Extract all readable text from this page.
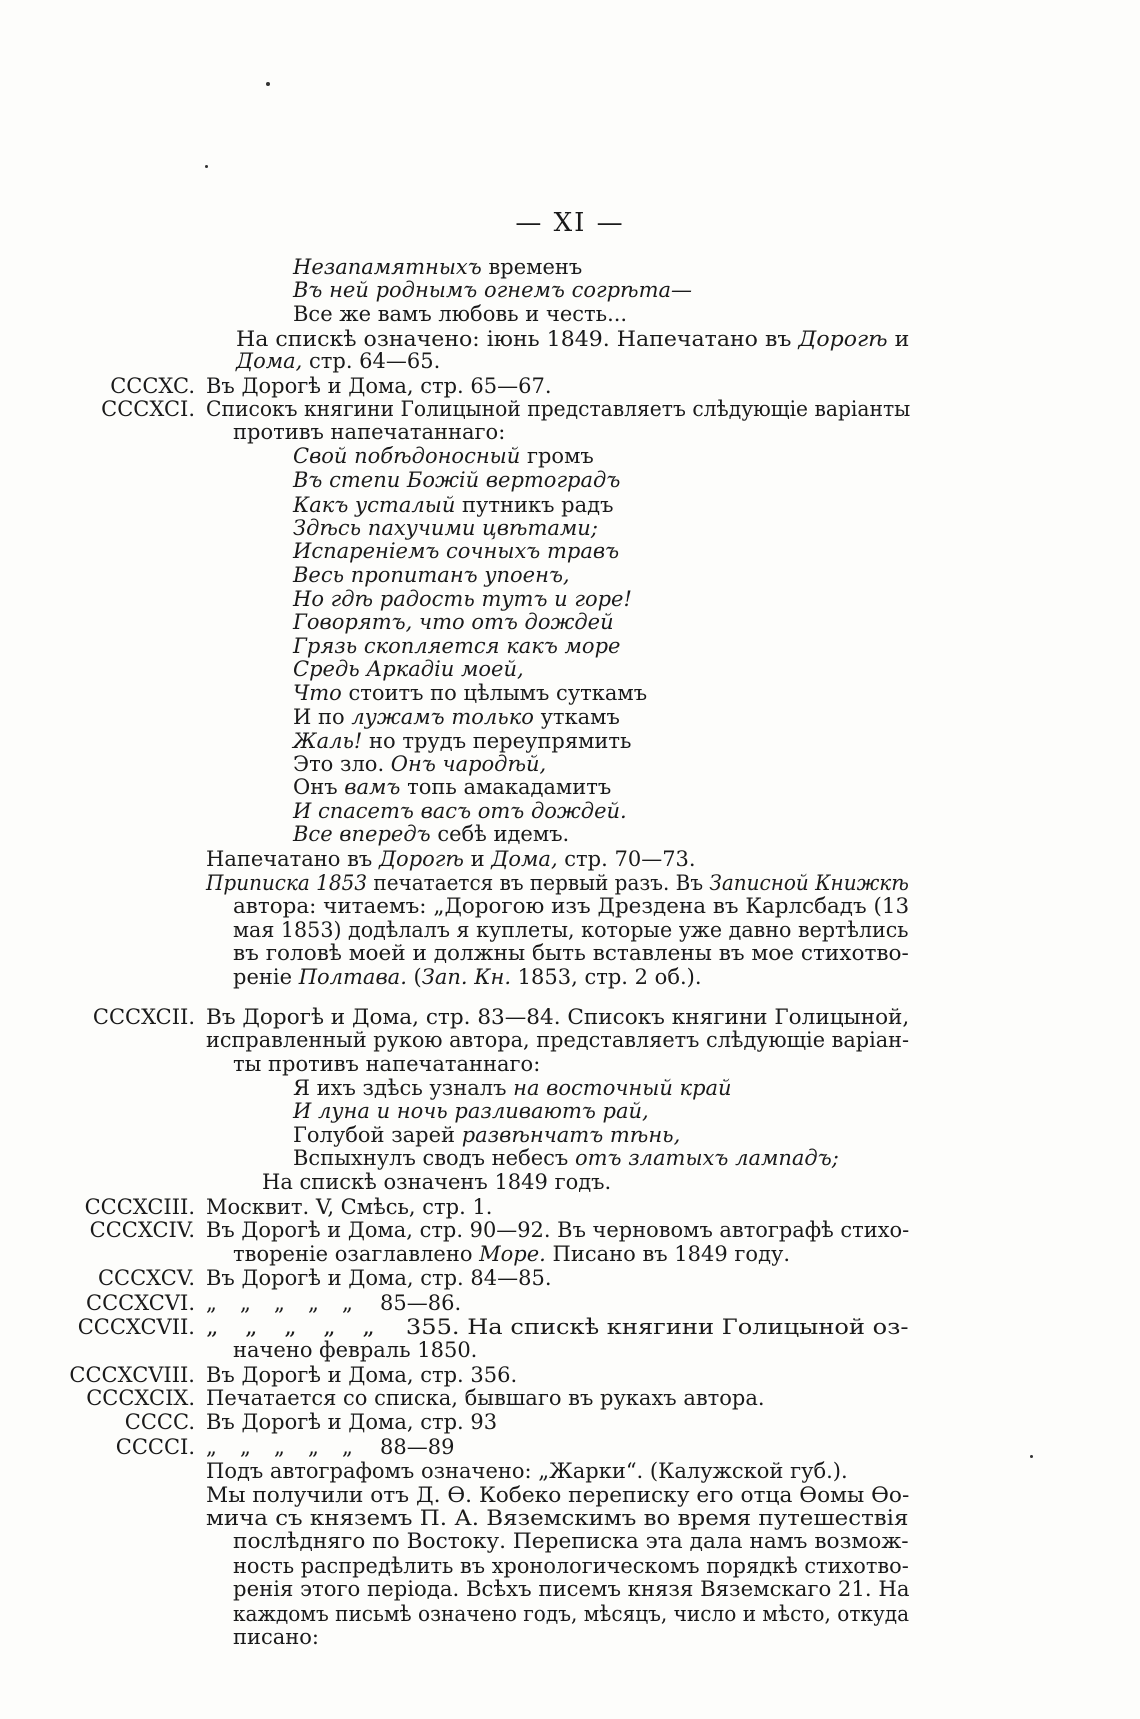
— XI —
Незапамятныхъ временъ
Въ ней роднымъ огнемъ согрѣта—
Все же вамъ любовь и честь...
На спискѣ означено: іюнь 1849. Напечатано въ Дорогѣ и
Дома, стр. 64—65.
CCCXC. Въ Дорогѣ и Дома, стр. 65—67.
CCCXCI. Списокъ княгини Голицыной представляетъ слѣдующіе варіанты
противъ напечатаннаго:
Свой побѣдоносный громъ
Въ степи Божій вертоградъ
Какъ усталый путникъ радъ
Здѣсь пахучими цвѣтами;
Испареніемъ сочныхъ травъ
Весь пропитанъ упоенъ,
Но гдѣ радость тутъ и горе!
Говорятъ, что отъ дождей
Грязь скопляется какъ море
Средь Аркадіи моей,
Что стоитъ по цѣлымъ суткамъ
И по лужамъ только уткамъ
Жаль! но трудъ переупрямить
Это зло. Онъ чародѣй,
Онъ вамъ топь амакадамитъ
И спасетъ васъ отъ дождей.
Все впередъ себѣ идемъ.
Напечатано въ Дорогѣ и Дома, стр. 70—73.
Приписка 1853 печатается въ первый разъ. Въ Записной Книжкѣ
автора: читаемъ: „Дорогою изъ Дрездена въ Карлсбадъ (13
мая 1853) додѣлалъ я куплеты, которые уже давно вертѣлись
въ головѣ моей и должны быть вставлены въ мое стихотво-
реніе Полтава. (Зап. Кн. 1853, стр. 2 об.).
CCCXCII. Въ Дорогѣ и Дома, стр. 83—84. Списокъ княгини Голицыной,
исправленный рукою автора, представляетъ слѣдующіе варіан-
ты противъ напечатаннаго:
Я ихъ здѣсь узналъ на восточный край
И луна и ночь разливаютъ рай,
Голубой зарей развѣнчатъ тѣнь,
Вспыхнулъ сводъ небесъ отъ златыхъ лампадъ;
На спискѣ означенъ 1849 годъ.
CCCXCIII. Москвит. V, Смѣсь, стр. 1.
CCCXCIV. Въ Дорогѣ и Дома, стр. 90—92. Въ черновомъ автографѣ стихо-
твореніе озаглавлено Море. Писано въ 1849 году.
CCCXCV. Въ Дорогѣ и Дома, стр. 84—85.
CCCXCVI. „ „ „ „ „ 85—86.
CCCXCVII. „ „ „ „ „ 355. На спискѣ княгини Голицыной оз-
начено февраль 1850.
CCCXCVIII. Въ Дорогѣ и Дома, стр. 356.
CCCXCIX. Печатается со списка, бывшаго въ рукахъ автора.
CCCC. Въ Дорогѣ и Дома, стр. 93
CCCCI. „ „ „ „ „ 88—89
Подъ автографомъ означено: „Жарки“. (Калужской губ.).
Мы получили отъ Д. Ѳ. Кобеко переписку его отца Ѳомы Ѳо-
мича съ княземъ П. А. Вяземскимъ во время путешествія
послѣдняго по Востоку. Переписка эта дала намъ возмож-
ность распредѣлить въ хронологическомъ порядкѣ стихотво-
ренія этого періода. Всѣхъ писемъ князя Вяземскаго 21. На
каждомъ письмѣ означено годъ, мѣсяцъ, число и мѣсто, откуда
писано:
